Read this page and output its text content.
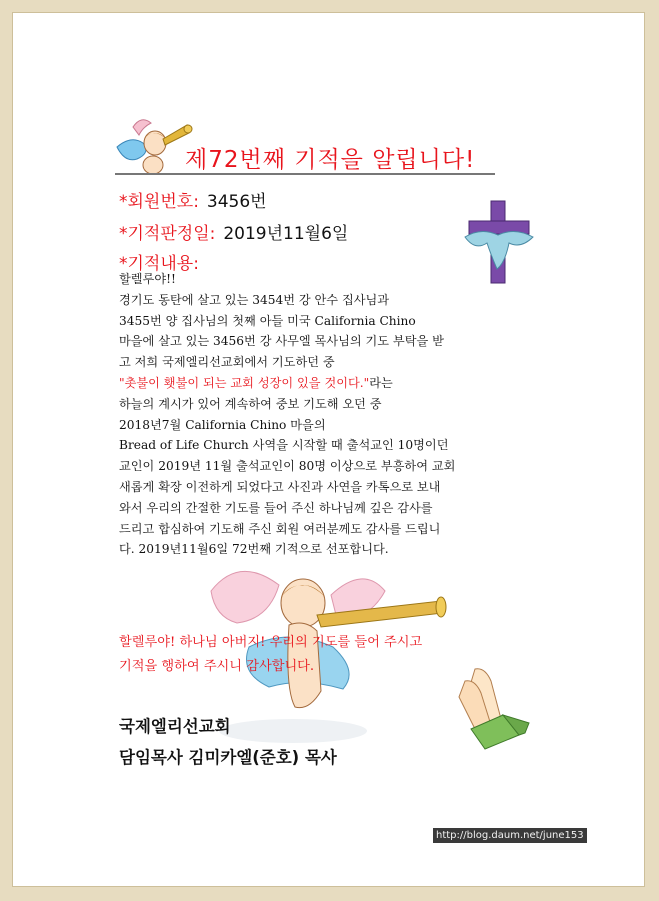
제72번째 기적을 알립니다!
*회원번호: 3456번
*기적판정일: 2019년11월6일
*기적내용:
할렐루야!!
경기도 동탄에 살고 있는 3454번 강 안수 집사님과
3455번 양 집사님의 첫째 아들 미국 California Chino
마을에 살고 있는 3456번 강 사무엘 목사님의 기도 부탁을 받
고 저희 국제엘리선교회에서 기도하던 중
"촛불이 횃불이 되는 교회 성장이 있을 것이다."라는
하늘의 계시가 있어 계속하여 중보 기도해 오던 중
2018년7월 California Chino 마을의
Bread of Life Church 사역을 시작할 때 출석교인 10명이던
교인이 2019년 11월 출석교인이 80명 이상으로 부흥하여 교회
새롭게 확장 이전하게 되었다고 사진과 사연을 카톡으로 보내
와서 우리의 간절한 기도를 들어 주신 하나님께 깊은 감사를
드리고 합심하여 기도해 주신 회원 여러분께도 감사를 드립니
다. 2019년11월6일 72번째 기적으로 선포합니다.
할렐루야! 하나님 아버지! 우리의 기도를 들어 주시고
기적을 행하여 주시니 감사합니다.
국제엘리선교회
담임목사 김미카엘(준호) 목사
http://blog.daum.net/june153
